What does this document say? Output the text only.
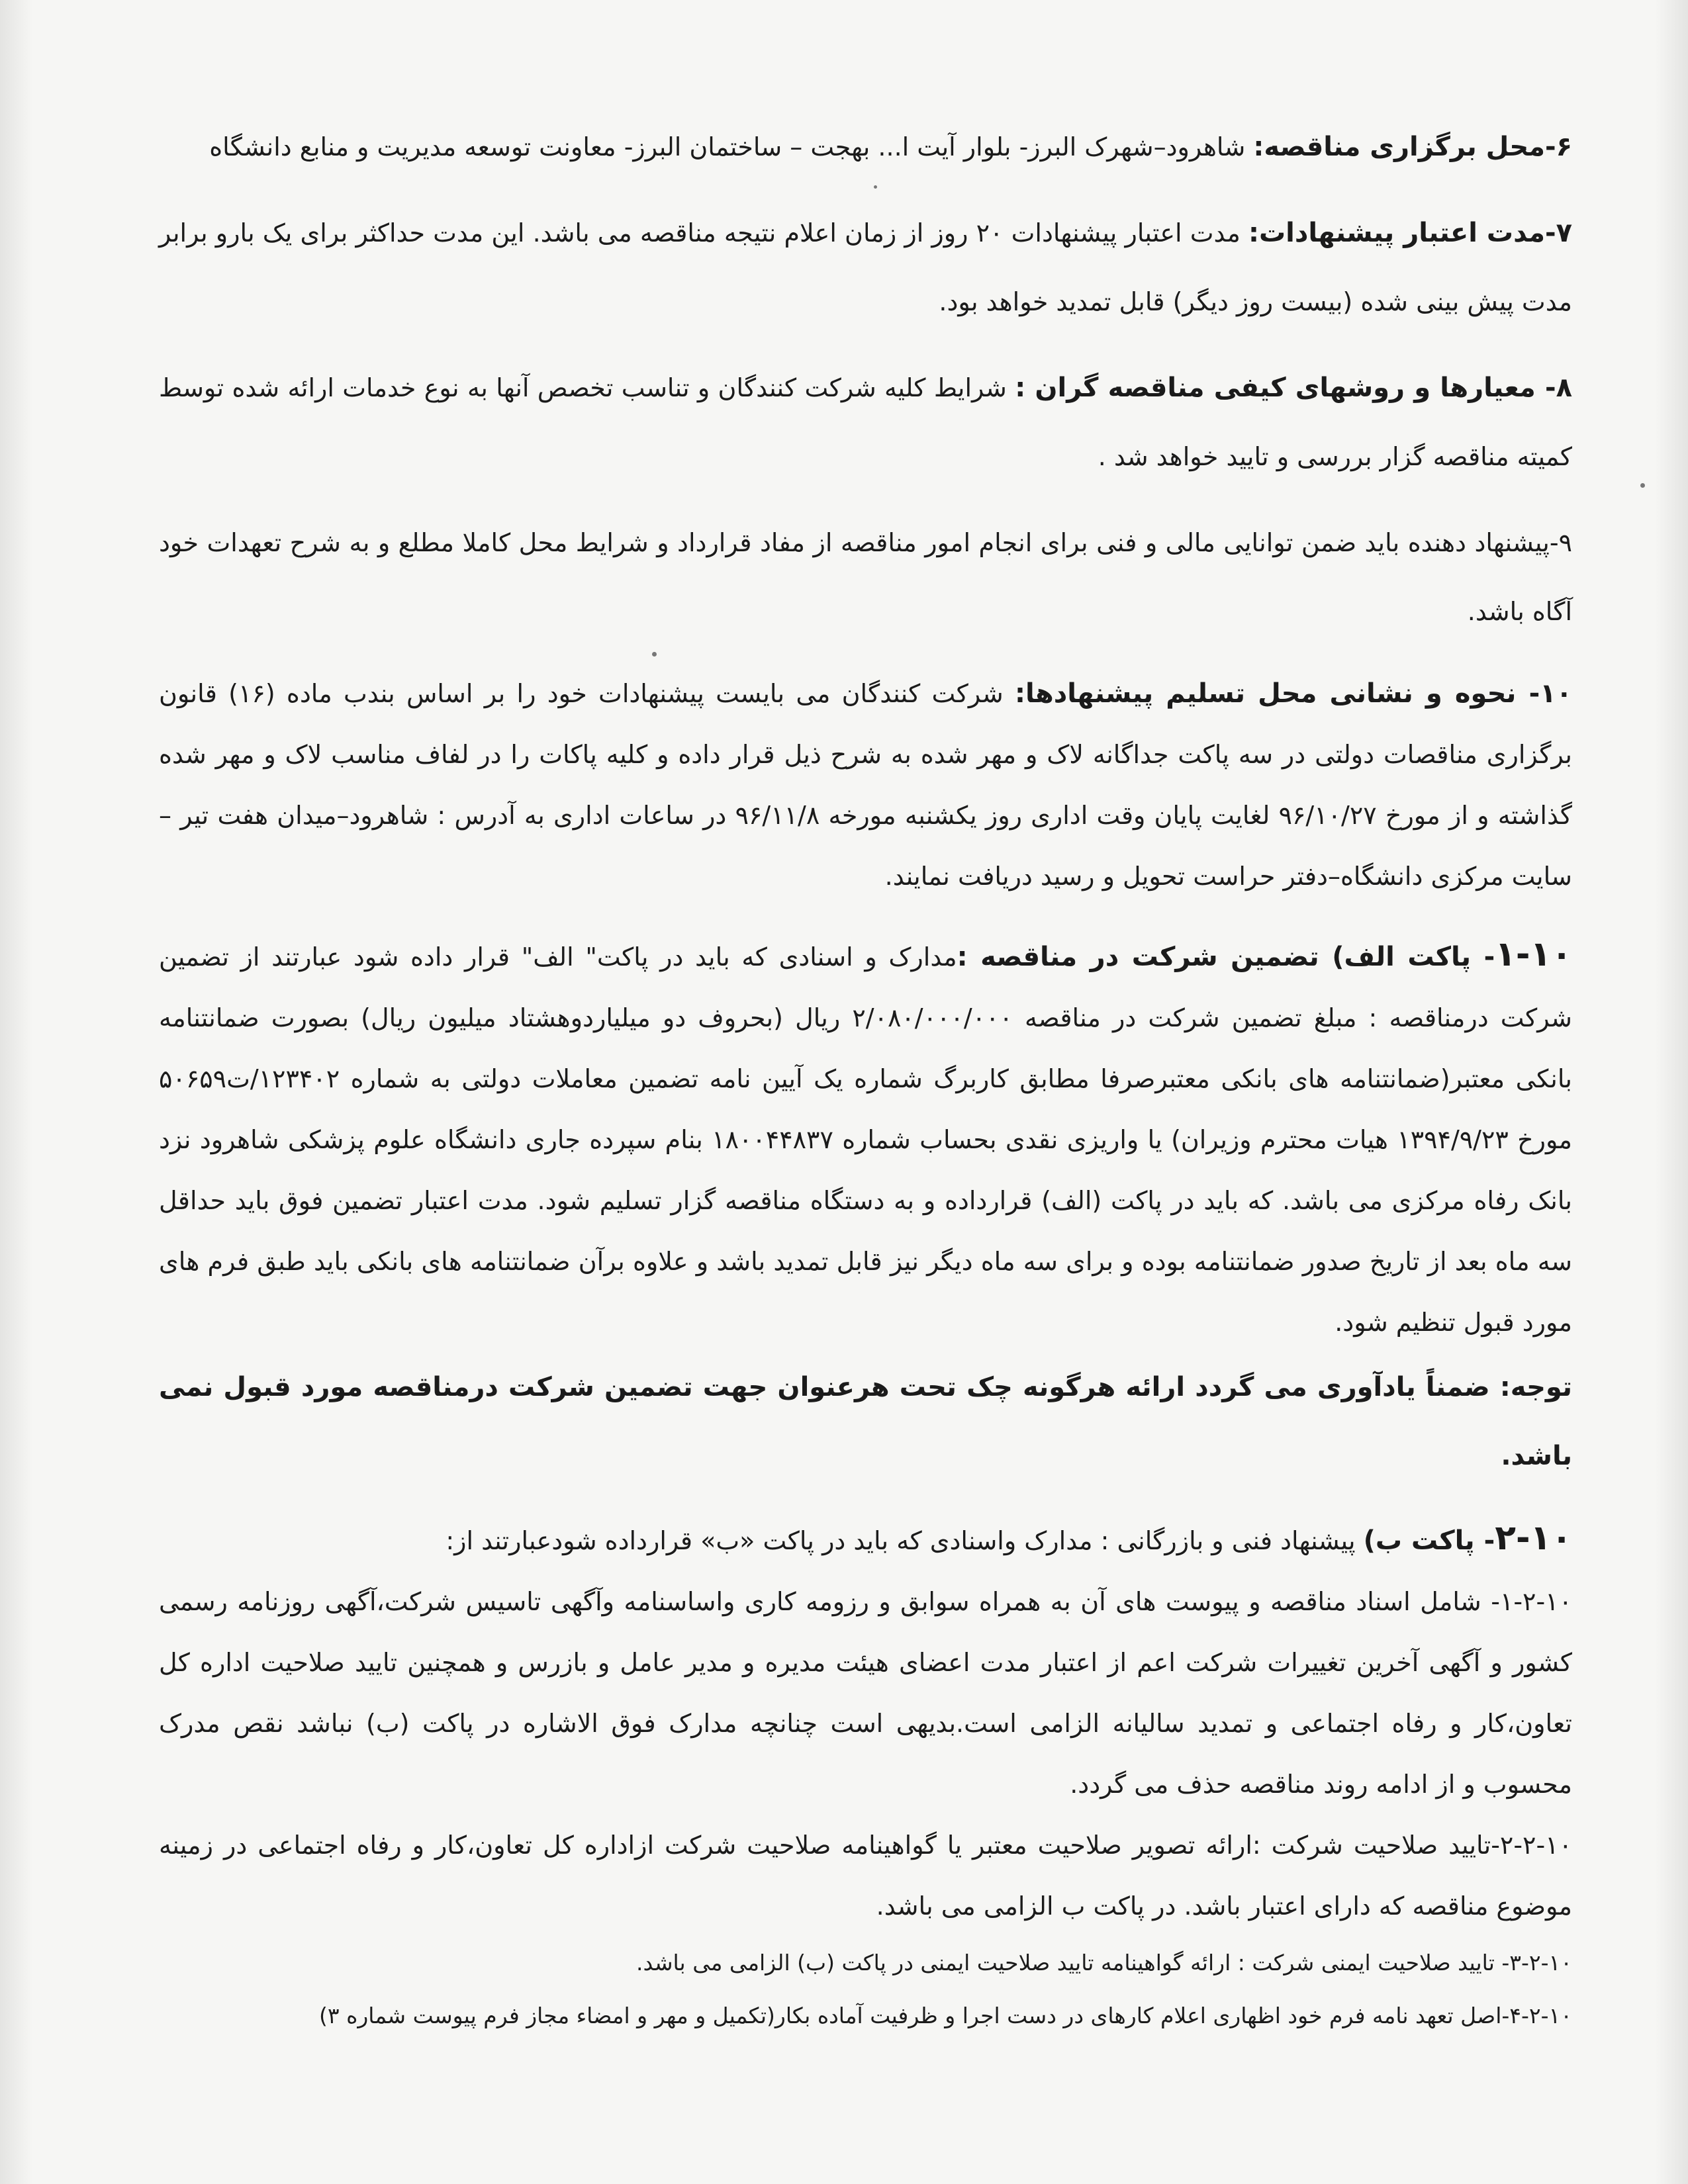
۶-محل برگزاری مناقصه: شاهرود–شهرک البرز- بلوار آیت ا... بهجت – ساختمان البرز- معاونت توسعه مدیریت و منابع دانشگاه

۷-مدت اعتبار پیشنهادات: مدت اعتبار پیشنهادات ۲۰ روز از زمان اعلام نتیجه مناقصه می باشد. این مدت حداکثر برای یک بارو برابر مدت پیش بینی شده (بیست روز دیگر) قابل تمدید خواهد بود.

۸- معیارها و روشهای کیفی مناقصه گران : شرایط کلیه شرکت کنندگان و تناسب تخصص آنها به نوع خدمات ارائه شده توسط کمیته مناقصه گزار بررسی و تایید خواهد شد .

۹-پیشنهاد دهنده باید ضمن توانایی مالی و فنی برای انجام امور مناقصه از مفاد قرارداد و شرایط محل کاملا مطلع و به شرح تعهدات خود آگاه باشد.

۱۰- نحوه و نشانی محل تسلیم پیشنهادها: شرکت کنندگان می بایست پیشنهادات خود را بر اساس بندب ماده (۱۶) قانون برگزاری مناقصات دولتی در سه پاکت جداگانه لاک و مهر شده به شرح ذیل قرار داده و کلیه پاکات را در لفاف مناسب لاک و مهر شده گذاشته و از مورخ ۹۶/۱۰/۲۷ لغایت پایان وقت اداری روز یکشنبه مورخه ۹۶/۱۱/۸ در ساعات اداری به آدرس : شاهرود–میدان هفت تیر –سایت مرکزی دانشگاه–دفتر حراست تحویل و رسید دریافت نمایند.

۱-۱۰- پاکت الف) تضمین شرکت در مناقصه :مدارک و اسنادی که باید در پاکت" الف" قرار داده شود عبارتند از تضمین شرکت درمناقصه : مبلغ تضمین شرکت در مناقصه ۲/۰۸۰/۰۰۰/۰۰۰ ریال (بحروف دو میلیاردوهشتاد میلیون ریال) بصورت ضمانتنامه بانکی معتبر(ضمانتنامه های بانکی معتبرصرفا مطابق کاربرگ شماره یک آیین نامه تضمین معاملات دولتی به شماره ۱۲۳۴۰۲/ت۵۰۶۵۹ مورخ ۱۳۹۴/۹/۲۳ هیات محترم وزیران) یا واریزی نقدی بحساب شماره ۱۸۰۰۴۴۸۳۷ بنام سپرده جاری دانشگاه علوم پزشکی شاهرود نزد بانک رفاه مرکزی می باشد. که باید در پاکت (الف) قرارداده و به دستگاه مناقصه گزار تسلیم شود. مدت اعتبار تضمین فوق باید حداقل سه ماه بعد از تاریخ صدور ضمانتنامه بوده و برای سه ماه دیگر نیز قابل تمدید باشد و علاوه برآن ضمانتنامه های بانکی باید طبق فرم های مورد قبول تنظیم شود.

توجه: ضمناً یادآوری می گردد ارائه هرگونه چک تحت هرعنوان جهت تضمین شرکت درمناقصه مورد قبول نمی باشد.

۲-۱۰- پاکت ب) پیشنهاد فنی و بازرگانی : مدارک واسنادی که باید در پاکت «ب» قرارداده شودعبارتند از:

۱-۲-۱۰- شامل اسناد مناقصه و پیوست های آن به همراه سوابق و رزومه کاری واساسنامه وآگهی تاسیس شرکت،آگهی روزنامه رسمی کشور و آگهی آخرین تغییرات شرکت اعم از اعتبار مدت اعضای هیئت مدیره و مدیر عامل و بازرس و همچنین تایید صلاحیت اداره کل تعاون،کار و رفاه اجتماعی و تمدید سالیانه الزامی است.بدیهی است چنانچه مدارک فوق الاشاره در پاکت (ب) نباشد نقص مدرک محسوب و از ادامه روند مناقصه حذف می گردد.

۲-۲-۱۰-تایید صلاحیت شرکت :ارائه تصویر صلاحیت معتبر یا گواهینامه صلاحیت شرکت ازاداره کل تعاون،کار و رفاه اجتماعی در زمینه موضوع مناقصه که دارای اعتبار باشد. در پاکت ب الزامی می باشد.

۳-۲-۱۰- تایید صلاحیت ایمنی شرکت : ارائه گواهینامه تایید صلاحیت ایمنی در پاکت (ب) الزامی می باشد.

۴-۲-۱۰-اصل تعهد نامه فرم خود اظهاری اعلام کارهای در دست اجرا و ظرفیت آماده بکار(تکمیل و مهر و امضاء مجاز فرم پیوست شماره ۳)
